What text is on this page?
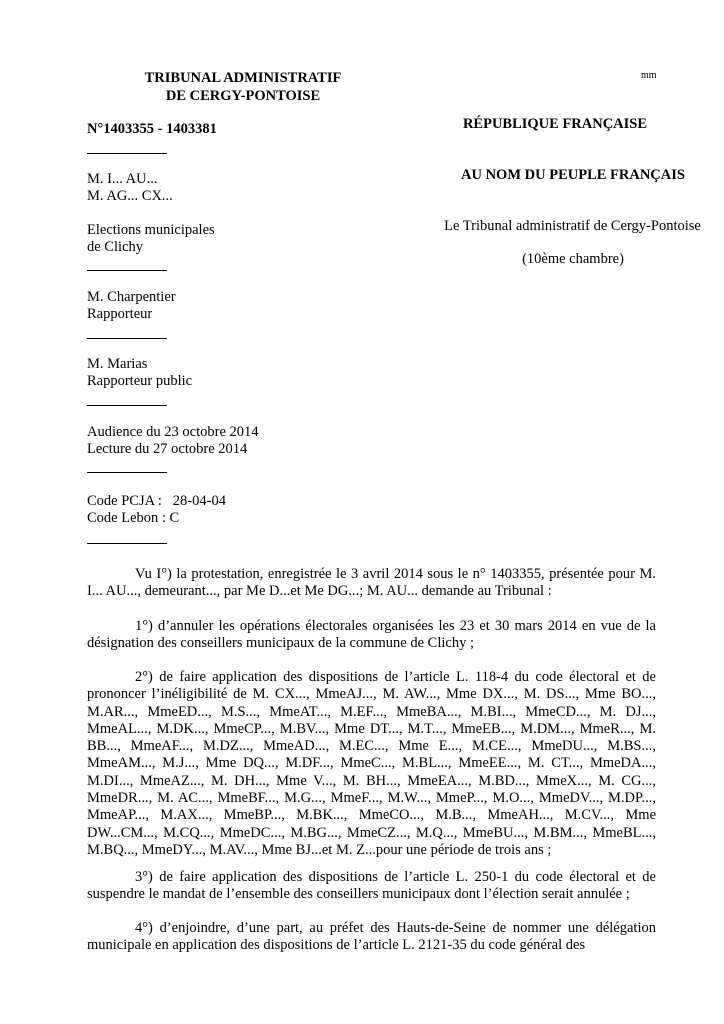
mm
TRIBUNAL ADMINISTRATIF
DE CERGY-PONTOISE
N°1403355 - 1403381	RÉPUBLIQUE FRANÇAISE
AU NOM DU PEUPLE FRANÇAIS
Le Tribunal administratif de Cergy-Pontoise
(10ème chambre)
M. I... AU...
M. AG... CX...
Elections municipales
de Clichy
M. Charpentier
Rapporteur
M. Marias
Rapporteur public
Audience du 23 octobre 2014
Lecture du 27 octobre 2014
Code PCJA :   28-04-04
Code Lebon : C
Vu I°) la protestation, enregistrée le 3 avril 2014 sous le n° 1403355, présentée pour M. I... AU..., demeurant..., par Me D...et Me DG...; M. AU... demande au Tribunal :
1°) d’annuler les opérations électorales organisées les 23 et 30 mars 2014 en vue de la désignation des conseillers municipaux de la commune de Clichy ;
2°) de faire application des dispositions de l’article L. 118-4 du code électoral et de prononcer l’inéligibilité de M. CX..., MmeAJ..., M. AW..., Mme DX..., M. DS..., Mme BO..., M.AR..., MmeED..., M.S..., MmeAT..., M.EF..., MmeBA..., M.BI..., MmeCD..., M. DJ..., MmeAL..., M.DK..., MmeCP..., M.BV..., Mme DT..., M.T..., MmeEB..., M.DM..., MmeR..., M. BB..., MmeAF..., M.DZ..., MmeAD..., M.EC..., Mme E..., M.CE..., MmeDU..., M.BS..., MmeAM..., M.J..., Mme DQ..., M.DF..., MmeC..., M.BL..., MmeEE..., M. CT..., MmeDA..., M.DI..., MmeAZ..., M. DH..., Mme V..., M. BH..., MmeEA..., M.BD..., MmeX..., M. CG..., MmeDR..., M. AC..., MmeBF..., M.G..., MmeF..., M.W..., MmeP..., M.O..., MmeDV..., M.DP..., MmeAP..., M.AX..., MmeBP..., M.BK..., MmeCO..., M.B..., MmeAH..., M.CV..., Mme DW...CM..., M.CQ..., MmeDC..., M.BG..., MmeCZ..., M.Q..., MmeBU..., M.BM..., MmeBL..., M.BQ..., MmeDY..., M.AV..., Mme BJ...et M. Z...pour une période de trois ans ;
3°) de faire application des dispositions de l’article L. 250-1 du code électoral et de suspendre le mandat de l’ensemble des conseillers municipaux dont l’élection serait annulée ;
4°) d’enjoindre, d’une part, au préfet des Hauts-de-Seine de nommer une délégation municipale en application des dispositions de l’article L. 2121-35 du code général des
